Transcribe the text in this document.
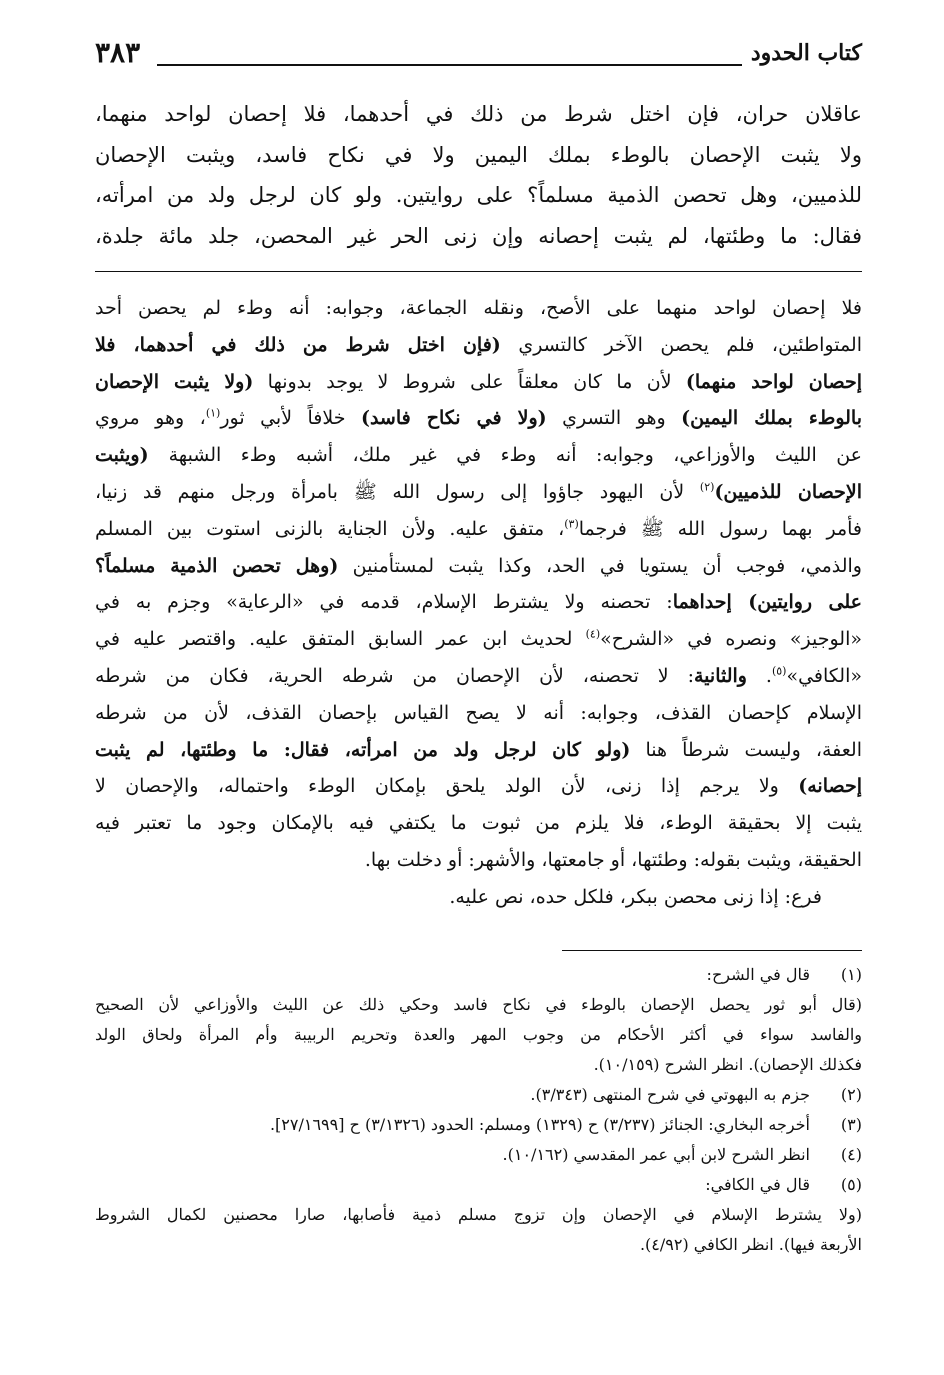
كتاب الحدود
٣٨٣
عاقلان حران، فإن اختل شرط من ذلك في أحدهما، فلا إحصان لواحد منهما،
ولا يثبت الإحصان بالوطء بملك اليمين ولا في نكاح فاسد، ويثبت الإحصان
للذميين، وهل تحصن الذمية مسلماً؟ على روايتين. ولو كان لرجل ولد من امرأته،
فقال: ما وطئتها، لم يثبت إحصانه وإن زنى الحر غير المحصن، جلد مائة جلدة،
فلا إحصان لواحد منهما على الأصح، ونقله الجماعة، وجوابه: أنه وطء لم يحصن أحد
المتواطئين، فلم يحصن الآخر كالتسري (فإن اختل شرط من ذلك في أحدهما، فلا
إحصان لواحد منهما) لأن ما كان معلقاً على شروط لا يوجد بدونها (ولا يثبت الإحصان
بالوطء بملك اليمين) وهو التسري (ولا في نكاح فاسد) خلافاً لأبي ثور$^{(١)}$، وهو مروي
عن الليث والأوزاعي، وجوابه: أنه وطء في غير ملك، أشبه وطء الشبهة (ويثبت
الإحصان للذميين)$^{(٢)}$ لأن اليهود جاؤوا إلى رسول الله ﷺ بامرأة ورجل منهم قد زنيا،
فأمر بهما رسول الله ﷺ فرجما$^{(٣)}$، متفق عليه. ولأن الجناية بالزنى استوت بين المسلم
والذمي، فوجب أن يستويا في الحد، وكذا يثبت لمستأمنين (وهل تحصن الذمية مسلماً؟
على روايتين) إحداهما: تحصنه ولا يشترط الإسلام، قدمه في «الرعاية» وجزم به في
«الوجيز» ونصره في «الشرح»$^{(٤)}$ لحديث ابن عمر السابق المتفق عليه. واقتصر عليه في
«الكافي»$^{(٥)}$. والثانية: لا تحصنه، لأن الإحصان من شرطه الحرية، فكان من شرطه
الإسلام كإحصان القذف، وجوابه: أنه لا يصح القياس بإحصان القذف، لأن من شرطه
العفة، وليست شرطاً هنا (ولو كان لرجل ولد من امرأته، فقال: ما وطئتها، لم يثبت
إحصانه) ولا يرجم إذا زنى، لأن الولد يلحق بإمكان الوطء واحتماله، والإحصان لا
يثبت إلا بحقيقة الوطء، فلا يلزم من ثبوت ما يكتفي فيه بالإمكان وجود ما تعتبر فيه
الحقيقة، ويثبت بقوله: وطئتها، أو جامعتها، والأشهر: أو دخلت بها.
فرع: إذا زنى محصن ببكر، فلكل حده، نص عليه.
(١)
قال في الشرح:
(قال أبو ثور يحصل الإحصان بالوطء في نكاح فاسد وحكي ذلك عن الليث والأوزاعي لأن الصحيح
والفاسد سواء في أكثر الأحكام من وجوب المهر والعدة وتحريم الربيبة وأم المرأة ولحاق الولد
فكذلك الإحصان). انظر الشرح (١٠/١٥٩).
(٢)
جزم به البهوتي في شرح المنتهى (٣/٣٤٣).
(٣)
أخرجه البخاري: الجنائز (٣/٢٣٧) ح (١٣٢٩) ومسلم: الحدود (٣/١٣٢٦) ح [٢٧/١٦٩٩].
(٤)
انظر الشرح لابن أبي عمر المقدسي (١٠/١٦٢).
(٥)
قال في الكافي:
(ولا يشترط الإسلام في الإحصان وإن تزوج مسلم ذمية فأصابها، صارا محصنين لكمال الشروط
الأربعة فيها). انظر الكافي (٤/٩٢).
